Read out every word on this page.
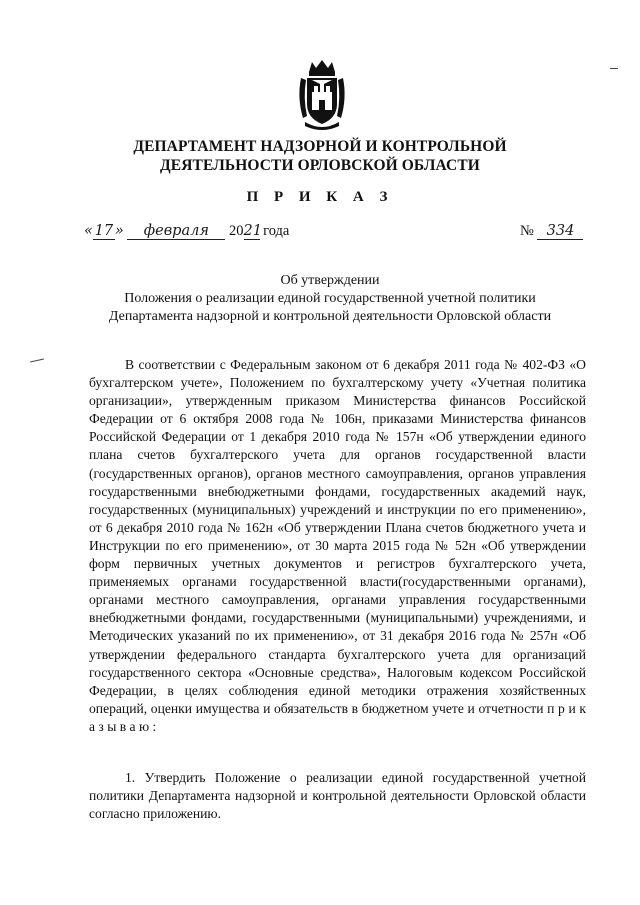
ДЕПАРТАМЕНТ НАДЗОРНОЙ И КОНТРОЛЬНОЙ
ДЕЯТЕЛЬНОСТИ ОРЛОВСКОЙ ОБЛАСТИ
П Р И К А З
« 17 » февраля 2021 года	№ 334
Об утверждении
Положения о реализации единой государственной учетной политики
Департамента надзорной и контрольной деятельности Орловской области

В соответствии с Федеральным законом от 6 декабря 2011 года № 402-ФЗ «О бухгалтерском учете», Положением по бухгалтерскому учету «Учетная политика организации», утвержденным приказом Министерства финансов Российской Федерации от 6 октября 2008 года № 106н, приказами Министерства финансов Российской Федерации от 1 декабря 2010 года № 157н «Об утверждении единого плана счетов бухгалтерского учета для органов государственной власти (государственных органов), органов местного самоуправления, органов управления государственными внебюджетными фондами, государственных академий наук, государственных (муниципальных) учреждений и инструкции по его применению», от 6 декабря 2010 года № 162н «Об утверждении Плана счетов бюджетного учета и Инструкции по его применению», от 30 марта 2015 года № 52н «Об утверждении форм первичных учетных документов и регистров бухгалтерского учета, применяемых органами государственной власти(государственными органами), органами местного самоуправления, органами управления государственными внебюджетными фондами, государственными (муниципальными) учреждениями, и Методических указаний по их применению», от 31 декабря 2016 года № 257н «Об утверждении федерального стандарта бухгалтерского учета для организаций государственного сектора «Основные средства», Налоговым кодексом Российской Федерации, в целях соблюдения единой методики отражения хозяйственных операций, оценки имущества и обязательств в бюджетном учете и отчетности п р и к а з ы в а ю :

1. Утвердить Положение о реализации единой государственной учетной политики Департамента надзорной и контрольной деятельности Орловской области согласно приложению.
